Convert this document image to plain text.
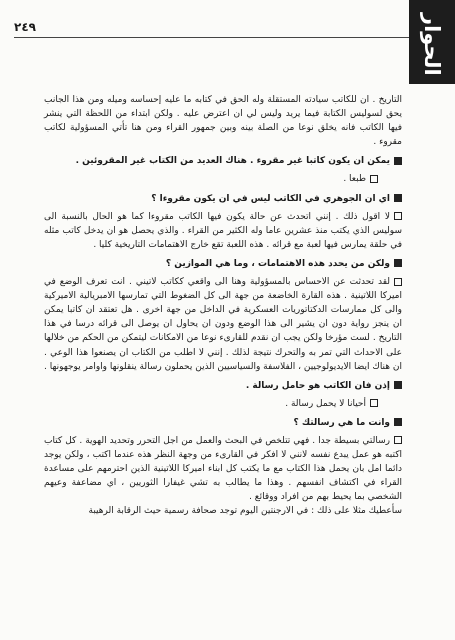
٢٤٩	الحوار

التاريخ . ان للكاتب سيادته المستقلة وله الحق في كتابه ما عليه إحساسه وميله ومن هذا الجانب يحق لسوليس الكتابة فيما يريد وليس لي ان اعترض عليه . ولكن ابتداء من اللحظة التي ينشر فيها الكاتب فانه يخلق نوعا من الصلة بينه وبين جمهور القراء ومن هنا تأتي المسؤولية لكاتب مقروء .

يمكن ان يكون كاتبا غير مقروء . هناك العديد من الكتاب غير المقروئين .

طبعا .

اي ان الجوهري في الكاتب ليس في ان يكون مقروءا ؟

لا اقول ذلك . إنني اتحدث عن حالة يكون فيها الكاتب مقروءا كما هو الحال بالنسبة الى سوليس الذي يكتب منذ عشرين عاما وله الكثير من القراء . والذي يحصل هو ان يدخل كاتب مثله في حلقة يمارس فيها لعبة مع قرائه . هذه اللعبة تقع خارج الاهتمامات التاريخية كليا .

ولكن من يحدد هذه الاهتمامات ، وما هي الموازين ؟

لقد تحدثت عن الاحساس بالمسؤولية وهنا الى واقعي ككاتب لاتيني . انت تعرف الوضع في اميركا اللاتينية . هذه القارة الخاضعة من جهة الى كل الضغوط التي تمارسها الامبريالية الاميركية والى كل ممارسات الدكتاتوريات العسكرية في الداخل من جهة اخرى . هل تعتقد ان كاتبا يمكن ان ينجز رواية دون ان يشير الى هذا الوضع ودون ان يحاول ان يوصل الى قرائه درسا في هذا التاريخ . لست مؤرخا ولكن يجب ان نقدم للقارىء نوعا من الامكانات ليتمكن من الحكم من خلالها على الاحداث التي تمر به والتحرك نتيجة لذلك . إنني لا اطلب من الكتاب ان يصنعوا هذا الوعي . ان هناك ايضا الايديولوجيين ، الفلاسفة والسياسيين الذين يحملون رسالة ينقلونها واوامر يوجهونها .

إذن فان الكاتب هو حامل رسالة .

أحيانا لا يحمل رسالة .

وانت ما هي رسالتك ؟

رسالتي بسيطة جدا . فهي تتلخص في البحث والعمل من اجل التحرر وتحديد الهوية . كل كتاب اكتبه هو عمل يبدع نفسه لانني لا افكر في القارىء من وجهة النظر هذه عندما اكتب ، ولكن يوجد دائما امل بان يحمل هذا الكتاب مع ما يكتب كل ابناء اميركا اللاتينية الذين احترمهم على مساعدة القراء في اكتشاف انفسهم . وهذا ما يطالب به تشي غيفارا الثوريين ، اي مضاعفة وعيهم الشخصي بما يحيط بهم من افراد ووقائع .

سأعطيك مثلا على ذلك : في الارجنتين اليوم توجد صحافة رسمية حيث الرقابة الرهيبة
